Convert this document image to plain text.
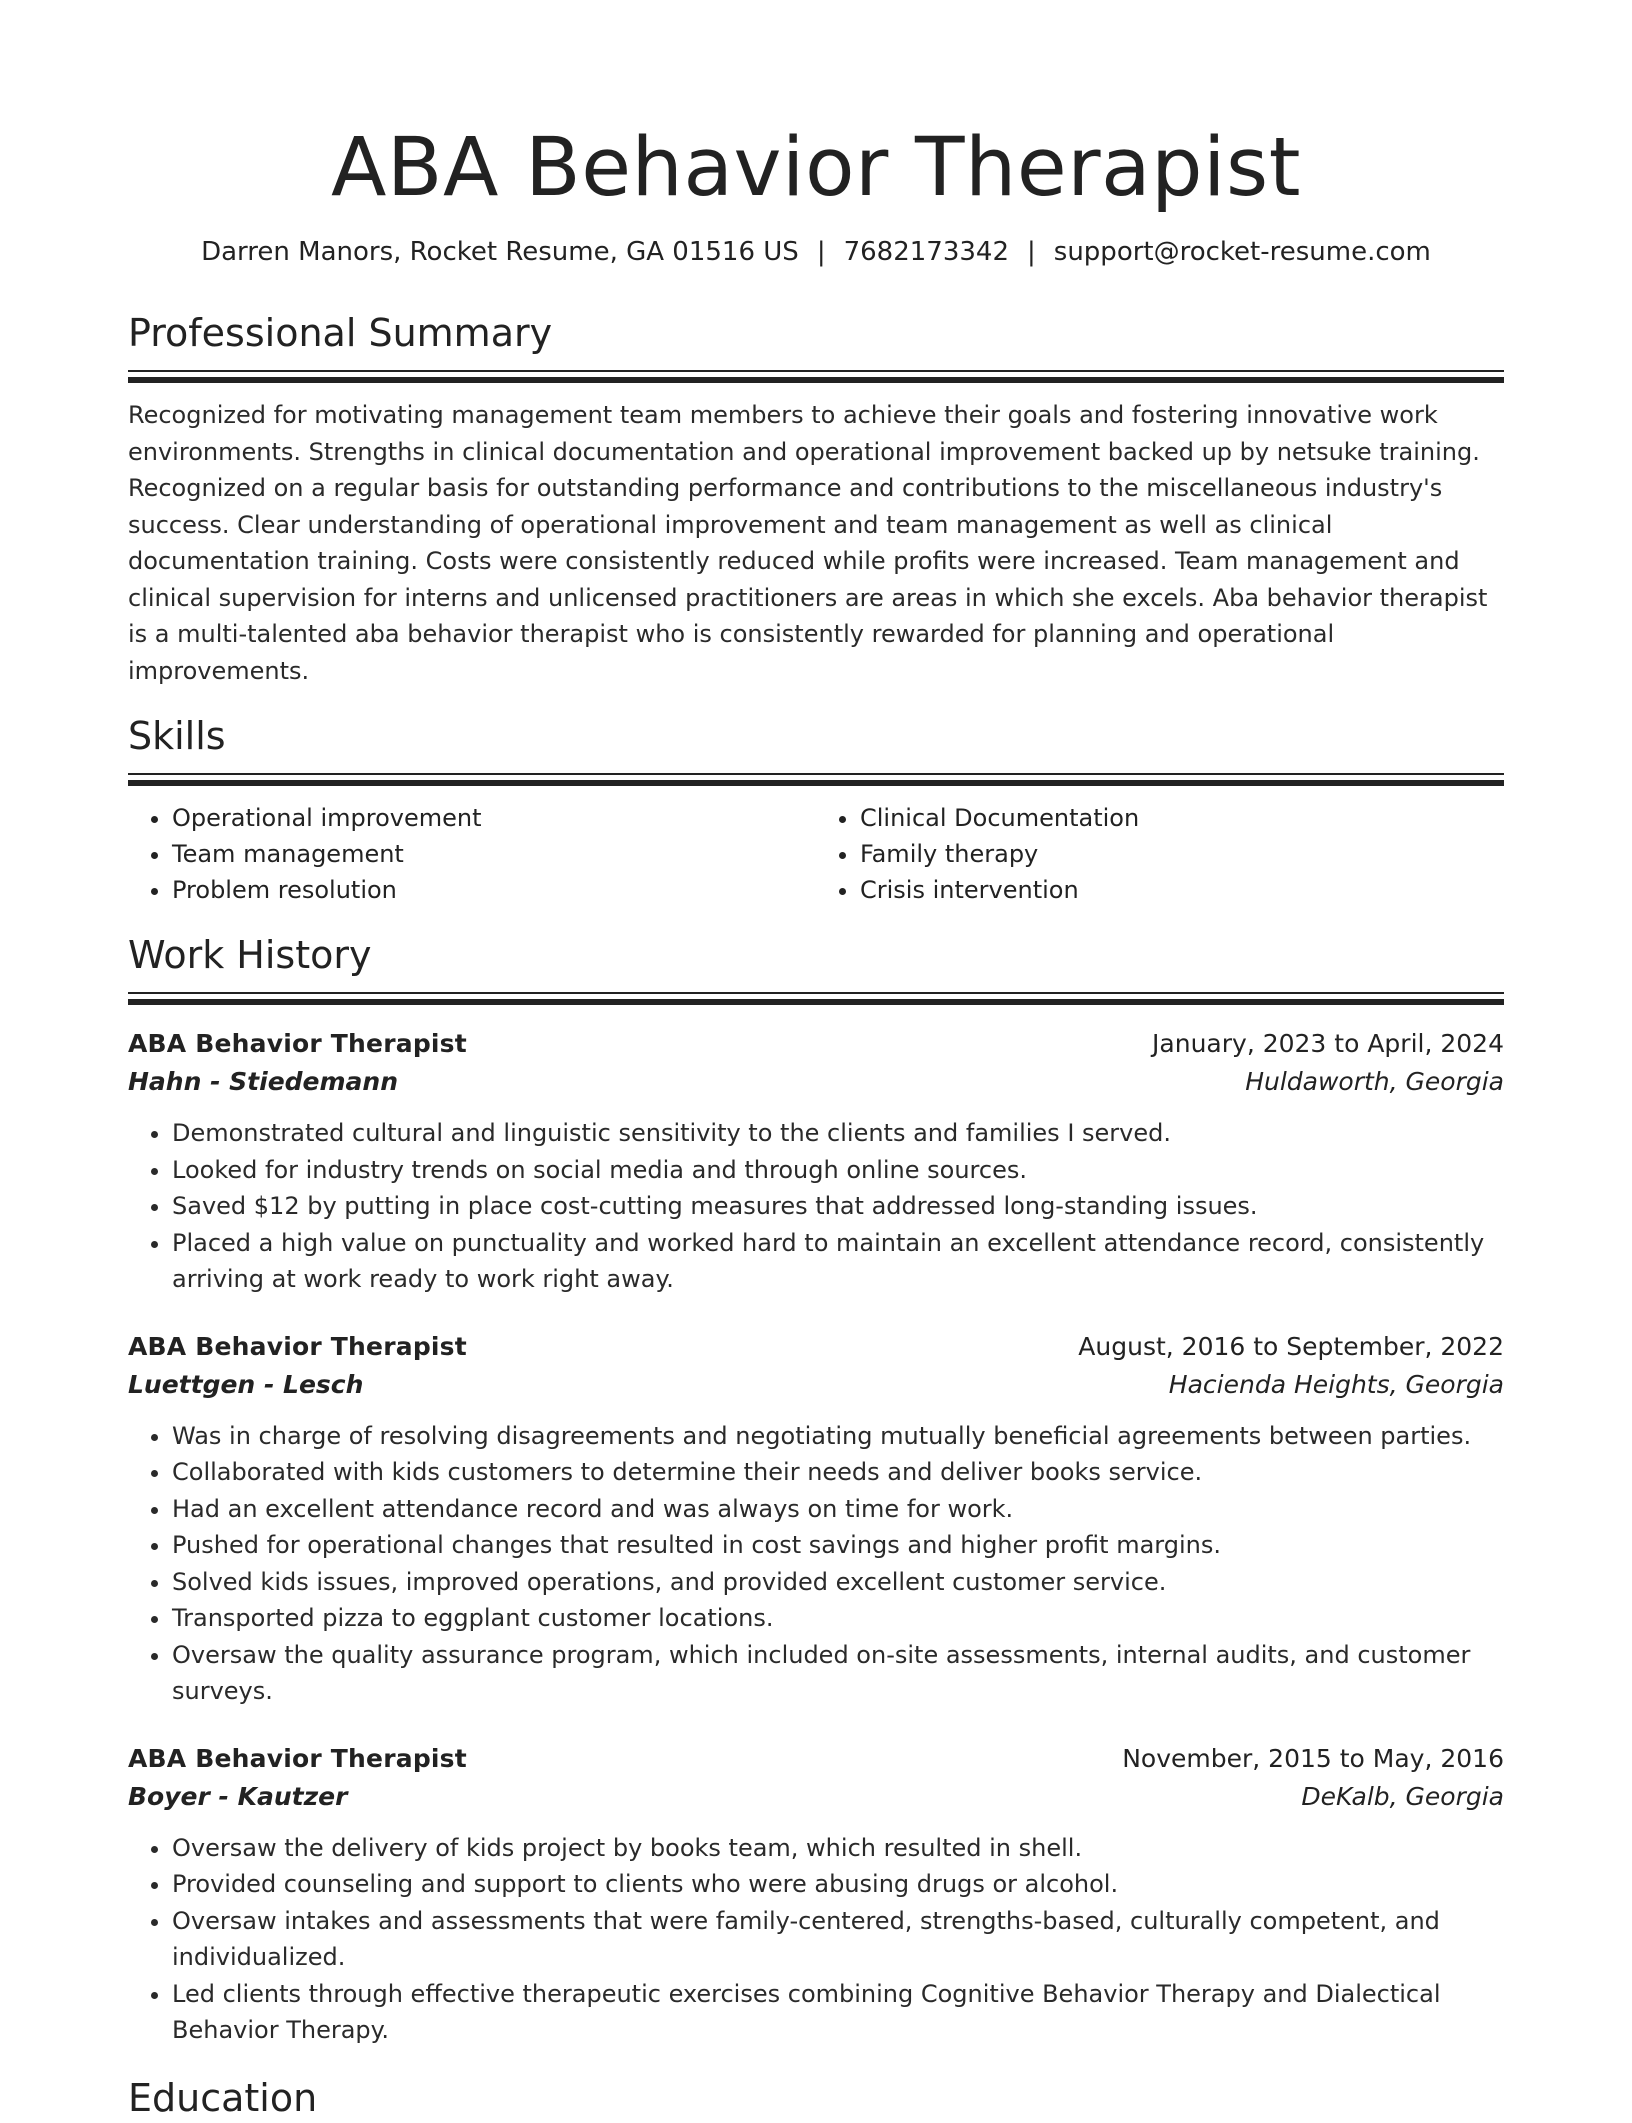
ABA Behavior Therapist
Darren Manors, Rocket Resume, GA 01516 US | 7682173342 | support@rocket-resume.com
Professional Summary
Recognized for motivating management team members to achieve their goals and fostering innovative work environments. Strengths in clinical documentation and operational improvement backed up by netsuke training. Recognized on a regular basis for outstanding performance and contributions to the miscellaneous industry's success. Clear understanding of operational improvement and team management as well as clinical documentation training. Costs were consistently reduced while profits were increased. Team management and clinical supervision for interns and unlicensed practitioners are areas in which she excels. Aba behavior therapist is a multi-talented aba behavior therapist who is consistently rewarded for planning and operational improvements.
Skills
• Operational improvement
• Team management
• Problem resolution
• Clinical Documentation
• Family therapy
• Crisis intervention
Work History
ABA Behavior Therapist	January, 2023 to April, 2024
Hahn - Stiedemann	Huldaworth, Georgia
• Demonstrated cultural and linguistic sensitivity to the clients and families I served.
• Looked for industry trends on social media and through online sources.
• Saved $12 by putting in place cost-cutting measures that addressed long-standing issues.
• Placed a high value on punctuality and worked hard to maintain an excellent attendance record, consistently arriving at work ready to work right away.
ABA Behavior Therapist	August, 2016 to September, 2022
Luettgen - Lesch	Hacienda Heights, Georgia
• Was in charge of resolving disagreements and negotiating mutually beneficial agreements between parties.
• Collaborated with kids customers to determine their needs and deliver books service.
• Had an excellent attendance record and was always on time for work.
• Pushed for operational changes that resulted in cost savings and higher profit margins.
• Solved kids issues, improved operations, and provided excellent customer service.
• Transported pizza to eggplant customer locations.
• Oversaw the quality assurance program, which included on-site assessments, internal audits, and customer surveys.
ABA Behavior Therapist	November, 2015 to May, 2016
Boyer - Kautzer	DeKalb, Georgia
• Oversaw the delivery of kids project by books team, which resulted in shell.
• Provided counseling and support to clients who were abusing drugs or alcohol.
• Oversaw intakes and assessments that were family-centered, strengths-based, culturally competent, and individualized.
• Led clients through effective therapeutic exercises combining Cognitive Behavior Therapy and Dialectical Behavior Therapy.
Education
